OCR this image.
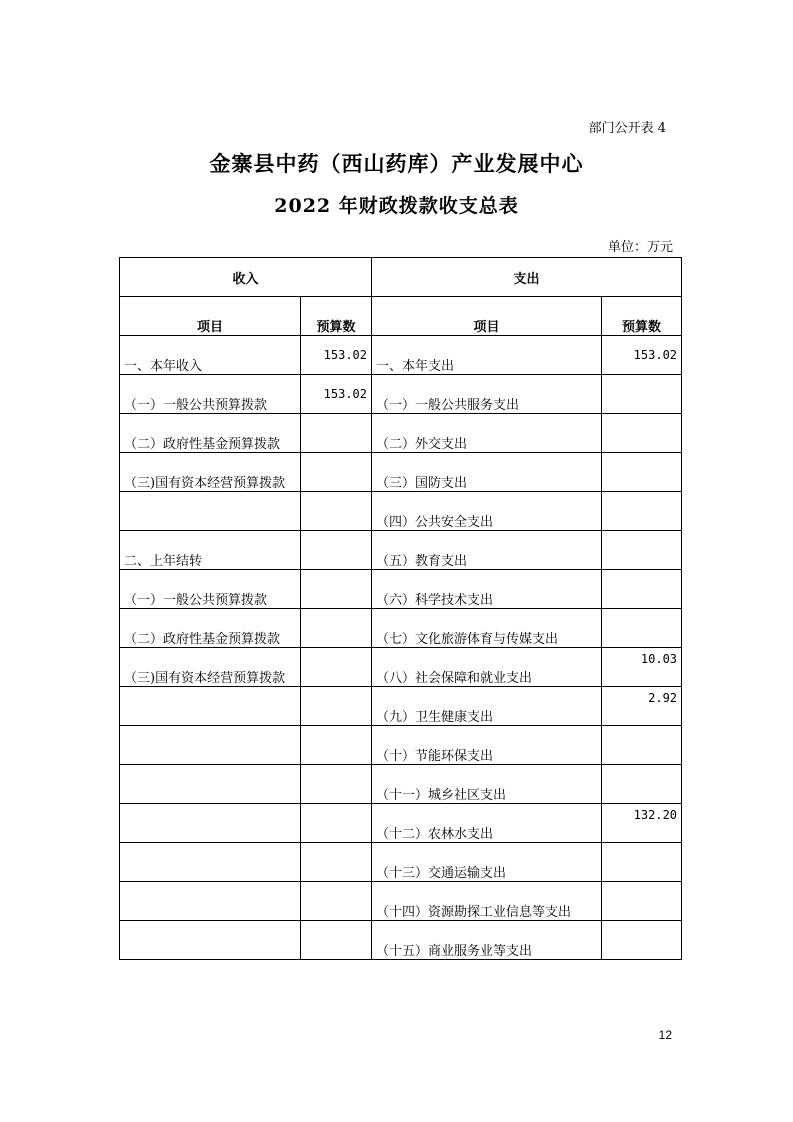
部门公开表 4
金寨县中药（西山药库）产业发展中心
2022 年财政拨款收支总表
单位：万元
收入		支出	
项目	预算数	项目	预算数
一、本年收入	153.02	一、本年支出	153.02
（一）一般公共预算拨款	153.02	（一）一般公共服务支出	
（二）政府性基金预算拨款		（二）外交支出	
（三)国有资本经营预算拨款		（三）国防支出	
		（四）公共安全支出	
二、上年结转		（五）教育支出	
（一）一般公共预算拨款		（六）科学技术支出	
（二）政府性基金预算拨款		（七）文化旅游体育与传媒支出	
（三)国有资本经营预算拨款		（八）社会保障和就业支出	10.03
		（九）卫生健康支出	2.92
		（十）节能环保支出	
		（十一）城乡社区支出	
		（十二）农林水支出	132.20
		（十三）交通运输支出	
		（十四）资源勘探工业信息等支出	
		（十五）商业服务业等支出	
12
